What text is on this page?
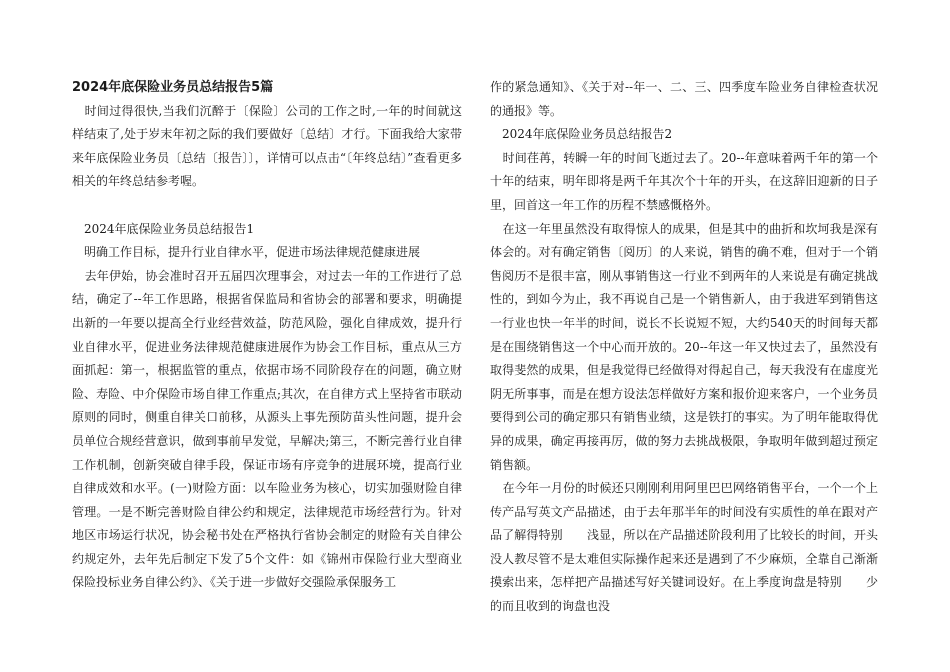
2024年底保险业务员总结报告5篇

时间过得很快,当我们沉醉于〔保险〕公司的工作之时,一年的时间就这样结束了,处于岁末年初之际的我们要做好〔总结〕才行。下面我给大家带来年底保险业务员〔总结〔报告〕〕，详情可以点击“〔年终总结〕”查看更多相关的年终总结参考喔。

2024年底保险业务员总结报告1

明确工作目标，提升行业自律水平，促进市场法律规范健康进展

去年伊始，协会准时召开五届四次理事会，对过去一年的工作进行了总结，确定了--年工作思路，根据省保监局和省协会的部署和要求，明确提出新的一年要以提高全行业经营效益，防范风险，强化自律成效，提升行业自律水平，促进业务法律规范健康进展作为协会工作目标，重点从三方面抓起：第一，根据监管的重点，依据市场不同阶段存在的问题，确立财险、寿险、中介保险市场自律工作重点;其次，在自律方式上坚持省市联动原则的同时，侧重自律关口前移，从源头上事先预防苗头性问题，提升会员单位合规经营意识，做到事前早发觉，早解决;第三，不断完善行业自律工作机制，创新突破自律手段，保证市场有序竞争的进展环境，提高行业自律成效和水平。(一)财险方面：以车险业务为核心，切实加强财险自律管理。一是不断完善财险自律公约和规定，法律规范市场经营行为。针对地区市场运行状况，协会秘书处在严格执行省协会制定的财险有关自律公约规定外，去年先后制定下发了5个文件：如《锦州市保险行业大型商业保险投标业务自律公约》、《关于进一步做好交强险承保服务工

作的紧急通知》、《关于对--年一、二、三、四季度车险业务自律检查状况的通报》等。

2024年底保险业务员总结报告2

时间荏苒，转瞬一年的时间飞逝过去了。20--年意味着两千年的第一个十年的结束，明年即将是两千年其次个十年的开头，在这辞旧迎新的日子里，回首这一年工作的历程不禁感慨格外。

在这一年里虽然没有取得惊人的成果，但是其中的曲折和坎坷我是深有体会的。对有确定销售〔阅历〕的人来说，销售的确不难，但对于一个销售阅历不是很丰富，刚从事销售这一行业不到两年的人来说是有确定挑战性的，到如今为止，我不再说自己是一个销售新人，由于我进军到销售这一行业也快一年半的时间，说长不长说短不短，大约540天的时间每天都是在围绕销售这一个中心而开放的。20--年这一年又快过去了，虽然没有取得斐然的成果，但是我觉得已经做得对得起自己，每天我没有在虚度光阴无所事事，而是在想方设法怎样做好方案和报价迎来客户，一个业务员要得到公司的确定那只有销售业绩，这是铁打的事实。为了明年能取得优异的成果，确定再接再厉，做的努力去挑战极限，争取明年做到超过预定销售额。

在今年一月份的时候还只刚刚利用阿里巴巴网络销售平台，一个一个上传产品写英文产品描述，由于去年那半年的时间没有实质性的单在跟对产品了解得特别　　浅显，所以在产品描述阶段利用了比较长的时间，开头没人教尽管不是太难但实际操作起来还是遇到了不少麻烦，全靠自己渐渐摸索出来，怎样把产品描述写好关键词设好。在上季度询盘是特别　　少的而且收到的询盘也没
